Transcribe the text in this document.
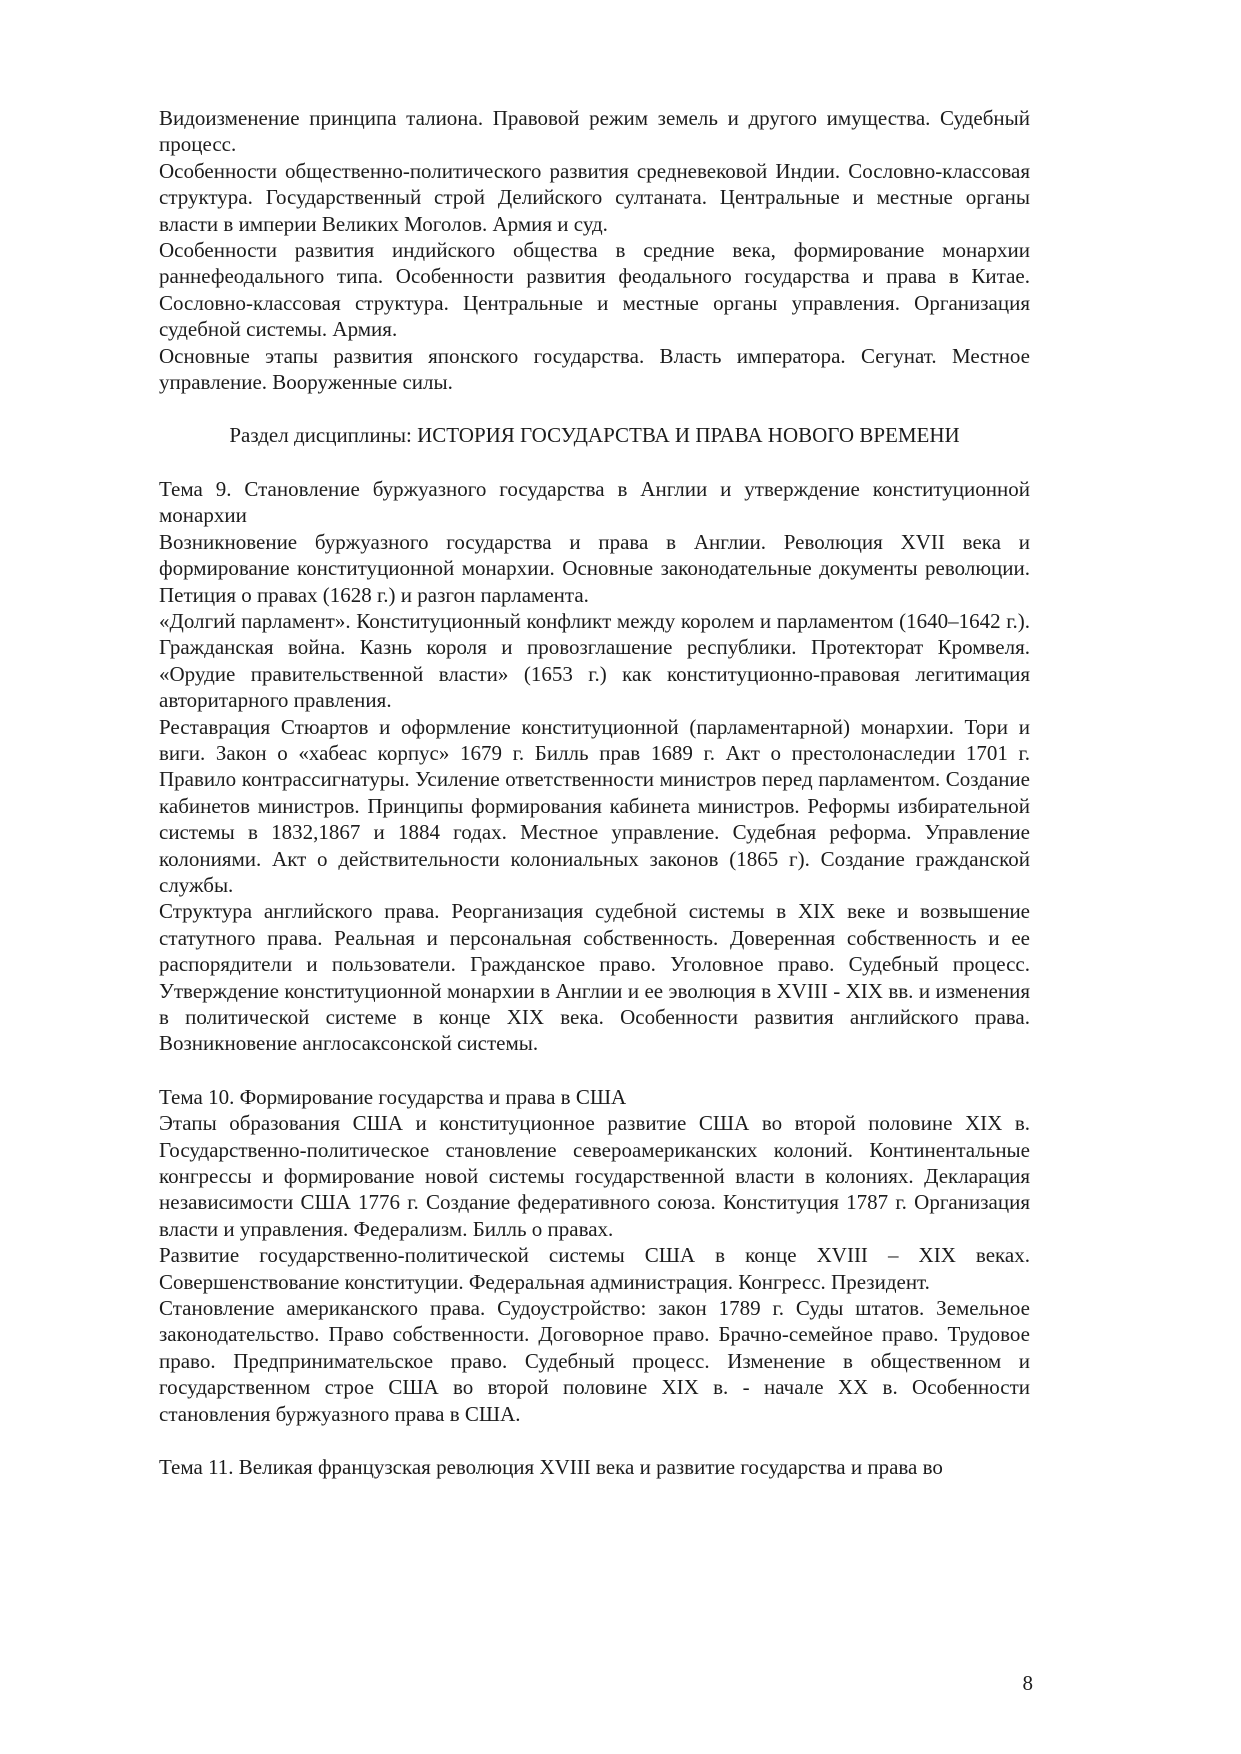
Видоизменение принципа талиона. Правовой режим земель и другого имущества. Судебный процесс.

Особенности общественно-политического развития средневековой Индии. Сословно-классовая структура. Государственный строй Делийского султаната. Центральные и местные органы власти в империи Великих Моголов. Армия и суд.

Особенности развития индийского общества в средние века, формирование монархии раннефеодального типа. Особенности развития феодального государства и права в Китае. Сословно-классовая структура. Центральные и местные органы управления. Организация судебной системы. Армия.

Основные этапы развития японского государства. Власть императора. Сегунат. Местное управление. Вооруженные силы.

Раздел дисциплины: ИСТОРИЯ ГОСУДАРСТВА И ПРАВА НОВОГО ВРЕМЕНИ

Тема 9. Становление буржуазного государства в Англии и утверждение конституционной монархии

Возникновение буржуазного государства и права в Англии. Революция XVII века и формирование конституционной монархии. Основные законодательные документы революции. Петиция о правах (1628 г.) и разгон парламента.

«Долгий парламент». Конституционный конфликт между королем и парламентом (1640–1642 г.). Гражданская война. Казнь короля и провозглашение республики. Протекторат Кромвеля. «Орудие правительственной власти» (1653 г.) как конституционно-правовая легитимация авторитарного правления.

Реставрация Стюартов и оформление конституционной (парламентарной) монархии. Тори и виги. Закон о «хабеас корпус» 1679 г. Билль прав 1689 г. Акт о престолонаследии 1701 г. Правило контрассигнатуры. Усиление ответственности министров перед парламентом. Создание кабинетов министров. Принципы формирования кабинета министров. Реформы избирательной системы в 1832,1867 и 1884 годах. Местное управление. Судебная реформа. Управление колониями. Акт о действительности колониальных законов (1865 г). Создание гражданской службы.

Структура английского права. Реорганизация судебной системы в XIX веке и возвышение статутного права. Реальная и персональная собственность. Доверенная собственность и ее распорядители и пользователи. Гражданское право. Уголовное право. Судебный процесс. Утверждение конституционной монархии в Англии и ее эволюция в XVIII - XIX вв. и изменения в политической системе в конце XIX века. Особенности развития английского права. Возникновение англосаксонской системы.

Тема 10. Формирование государства и права в США

Этапы образования США и конституционное развитие США во второй половине XIX в. Государственно-политическое становление североамериканских колоний. Континентальные конгрессы и формирование новой системы государственной власти в колониях. Декларация независимости США 1776 г. Создание федеративного союза. Конституция 1787 г. Организация власти и управления. Федерализм. Билль о правах.

Развитие государственно-политической системы США в конце XVIII – XIX веках. Совершенствование конституции. Федеральная администрация. Конгресс. Президент.

Становление американского права. Судоустройство: закон 1789 г. Суды штатов. Земельное законодательство. Право собственности. Договорное право. Брачно-семейное право. Трудовое право. Предпринимательское право. Судебный процесс. Изменение в общественном и государственном строе США во второй половине XIX в. - начале XX в. Особенности становления буржуазного права в США.

Тема 11. Великая французская революция XVIII века и развитие государства и права во

8
